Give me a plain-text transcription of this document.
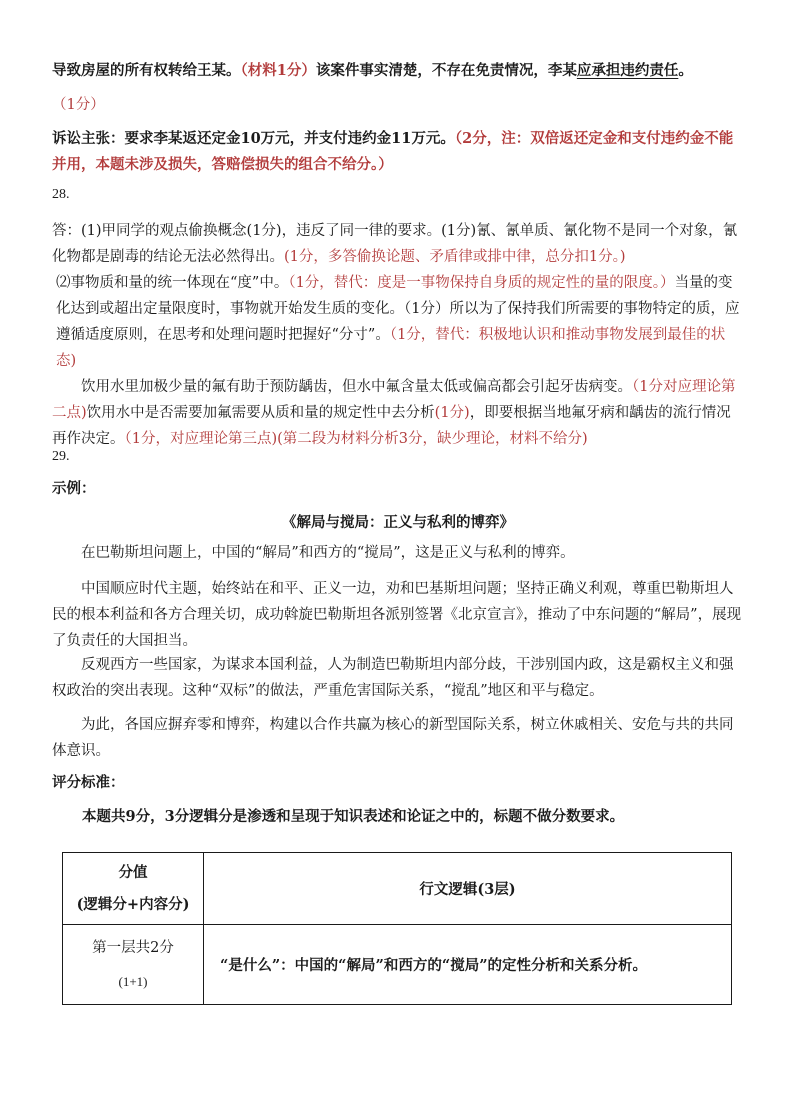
导致房屋的所有权转给王某。（材料1分）该案件事实清楚，不存在免责情况，李某应承担违约责任。

（1分）

诉讼主张：要求李某返还定金10万元，并支付违约金11万元。（2分，注：双倍返还定金和支付违约金不能并用，本题未涉及损失，答赔偿损失的组合不给分。）

28.

答：(1)甲同学的观点偷换概念(1分)，违反了同一律的要求。(1分)氰、氰单质、氰化物不是同一个对象，氰化物都是剧毒的结论无法必然得出。(1分，多答偷换论题、矛盾律或排中律，总分扣1分。)

⑵事物质和量的统一体现在“度”中。（1分，替代：度是一事物保持自身质的规定性的量的限度。）当量的变化达到或超出定量限度时，事物就开始发生质的变化。（1分）所以为了保持我们所需要的事物特定的质，应遵循适度原则，在思考和处理问题时把握好“分寸”。（1分，替代：积极地认识和推动事物发展到最佳的状态)

饮用水里加极少量的氟有助于预防龋齿，但水中氟含量太低或偏高都会引起牙齿病变。（1分对应理论第二点)饮用水中是否需要加氟需要从质和量的规定性中去分析(1分)，即要根据当地氟牙病和龋齿的流行情况再作决定。（1分，对应理论第三点)(第二段为材料分析3分，缺少理论，材料不给分)

29.

示例：

《解局与搅局：正义与私利的博弈》

在巴勒斯坦问题上，中国的“解局”和西方的“搅局”，这是正义与私利的博弈。

中国顺应时代主题，始终站在和平、正义一边，劝和巴基斯坦问题；坚持正确义利观，尊重巴勒斯坦人民的根本利益和各方合理关切，成功斡旋巴勒斯坦各派别签署《北京宣言》，推动了中东问题的“解局”，展现了负责任的大国担当。

反观西方一些国家，为谋求本国利益，人为制造巴勒斯坦内部分歧，干涉别国内政，这是霸权主义和强权政治的突出表现。这种“双标”的做法，严重危害国际关系，“搅乱”地区和平与稳定。

为此，各国应摒弃零和博弈，构建以合作共赢为核心的新型国际关系，树立休戚相关、安危与共的共同体意识。

评分标准：

本题共9分，3分逻辑分是渗透和呈现于知识表述和论证之中的，标题不做分数要求。

分值
(逻辑分+内容分)	行文逻辑(3层)

第一层共2分
(1+1)	“是什么”：中国的“解局”和西方的“搅局”的定性分析和关系分析。
